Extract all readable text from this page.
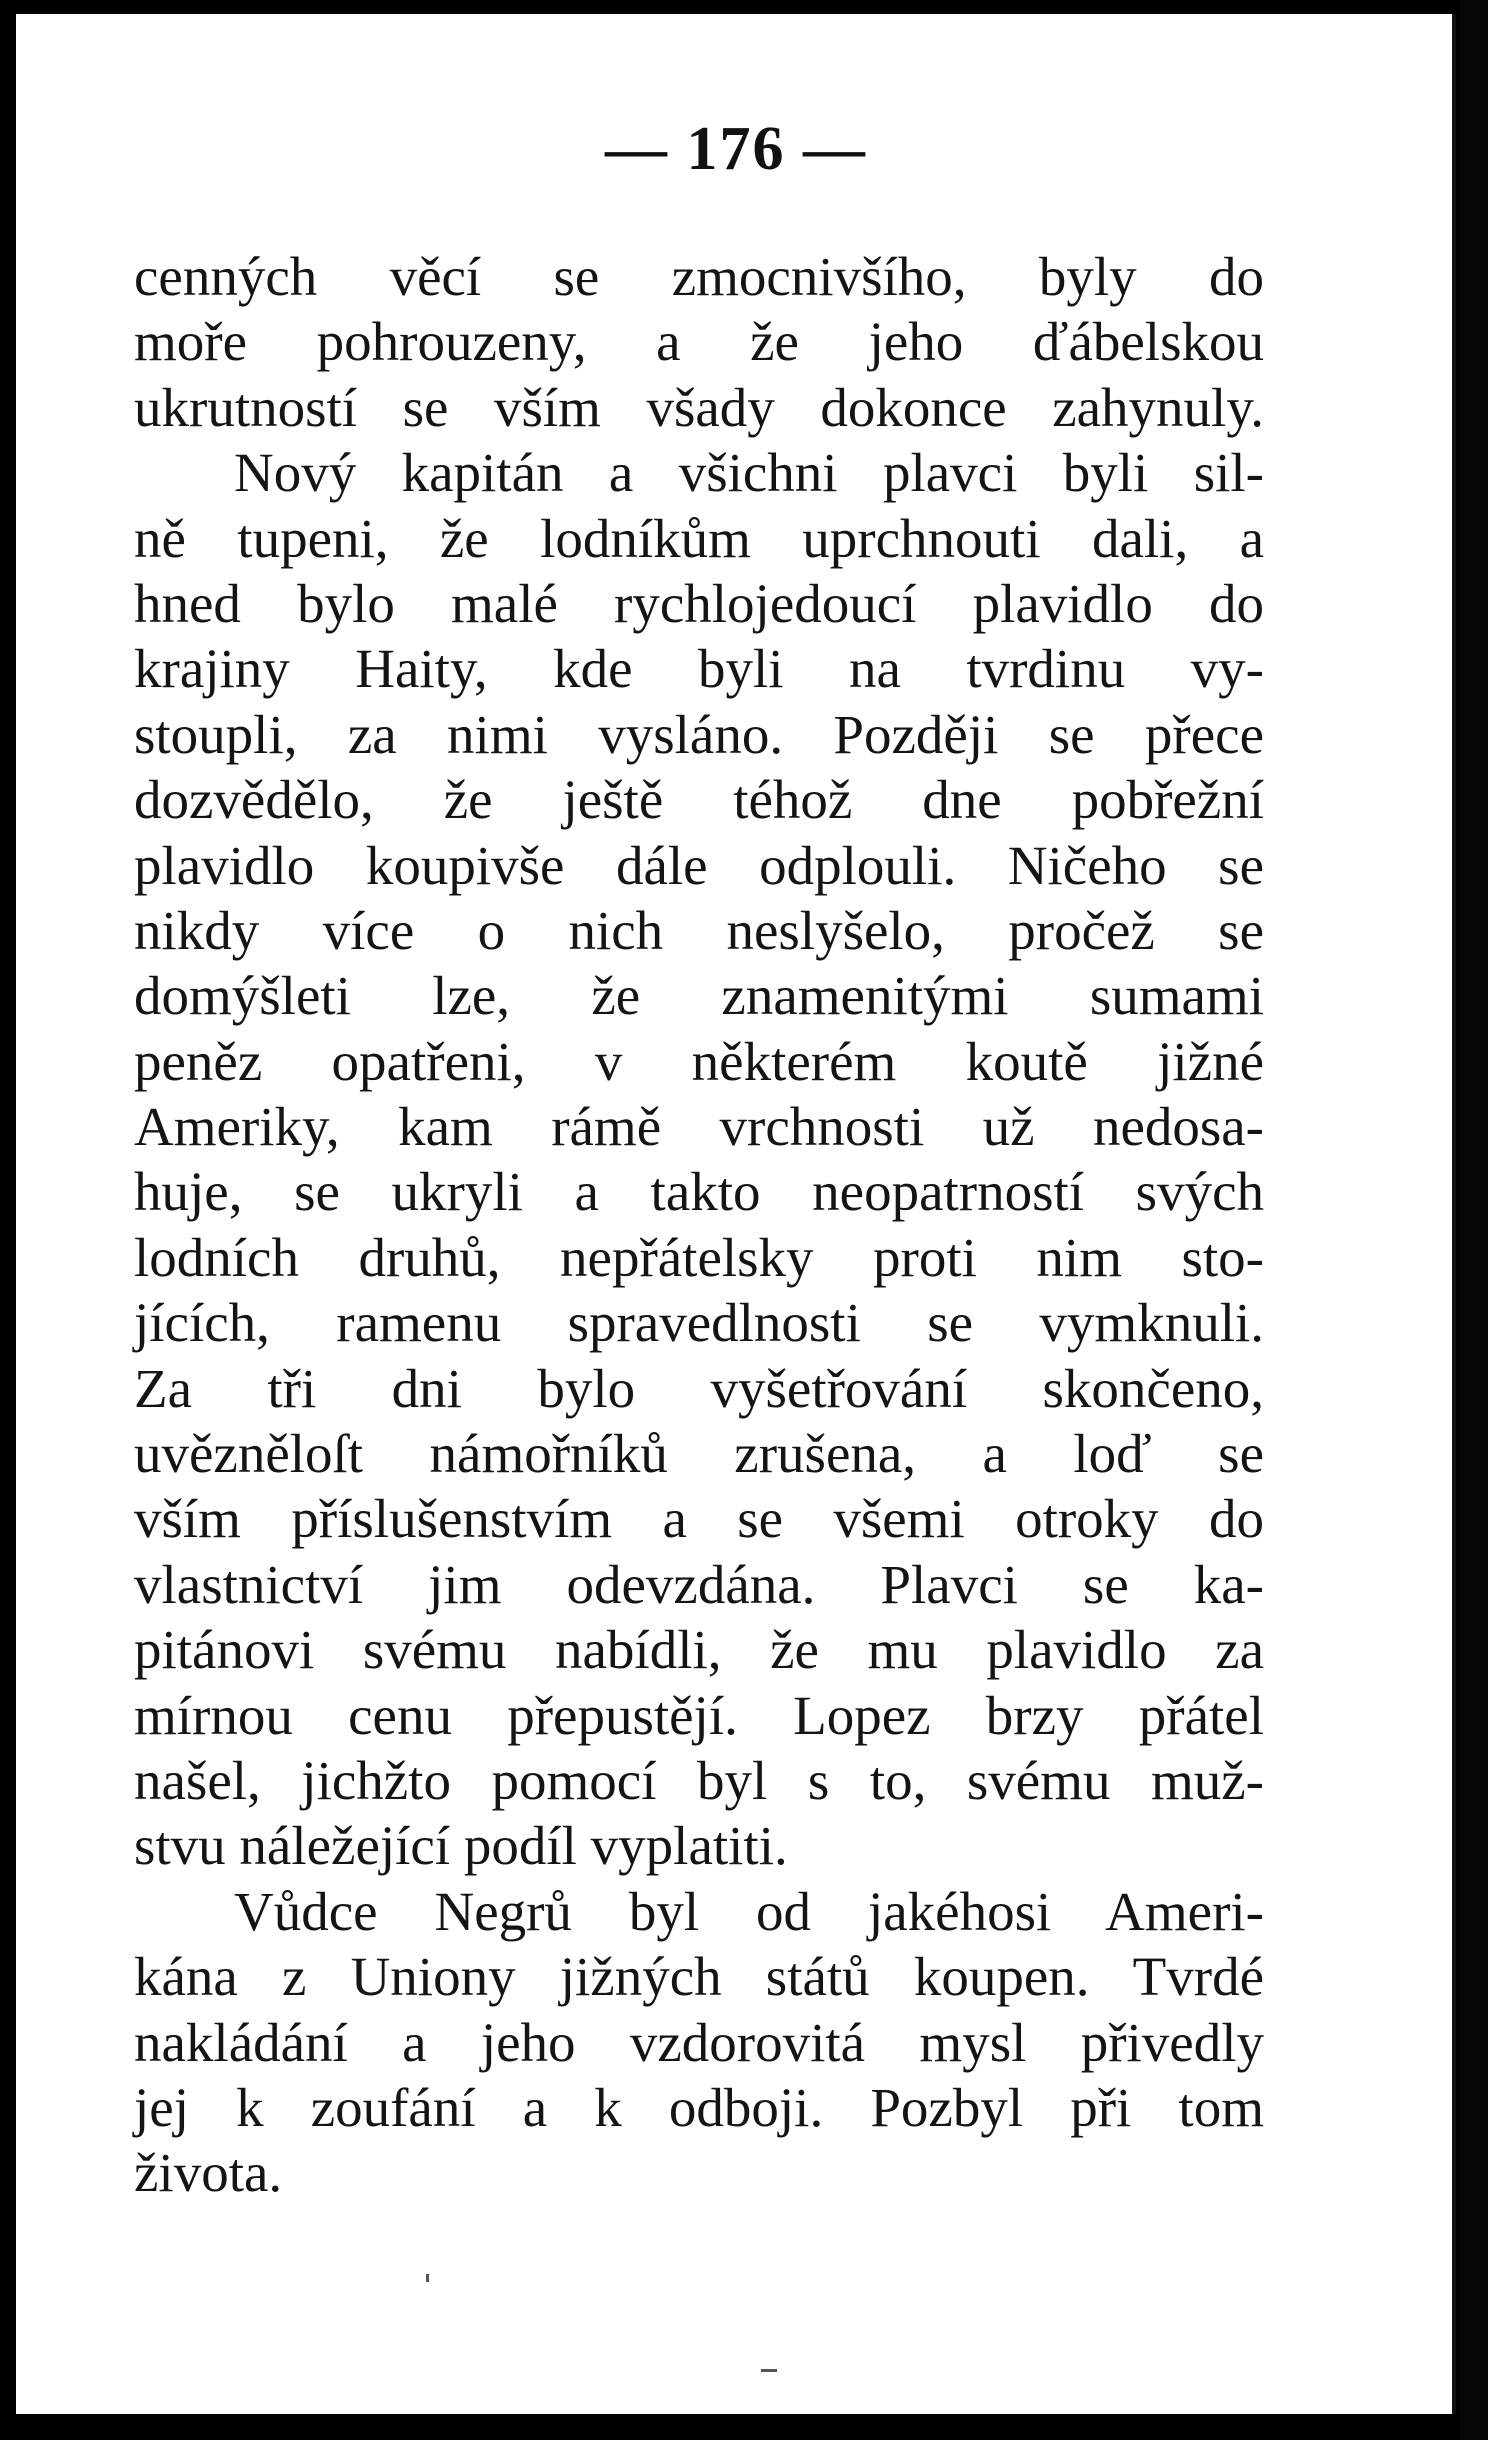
— 176 —
cenných věcí se zmocnivšího, byly do
moře pohrouzeny, a že jeho ďábelskou
ukrutností se vším všady dokonce zahynuly.
Nový kapitán a všichni plavci byli sil-
ně tupeni, že lodníkům uprchnouti dali, a
hned bylo malé rychlojedoucí plavidlo do
krajiny Haity, kde byli na tvrdinu vy-
stoupli, za nimi vysláno. Později se přece
dozvědělo, že ještě téhož dne pobřežní
plavidlo koupivše dále odplouli. Ničeho se
nikdy více o nich neslyšelo, pročež se
domýšleti lze, že znamenitými sumami
peněz opatřeni, v některém koutě jižné
Ameriky, kam rámě vrchnosti už nedosa-
huje, se ukryli a takto neopatrností svých
lodních druhů, nepřátelsky proti nim sto-
jících, ramenu spravedlnosti se vymknuli.
Za tři dni bylo vyšetřování skončeno,
uvězněloſt námořníků zrušena, a loď se
vším příslušenstvím a se všemi otroky do
vlastnictví jim odevzdána. Plavci se ka-
pitánovi svému nabídli, že mu plavidlo za
mírnou cenu přepustějí. Lopez brzy přátel
našel, jichžto pomocí byl s to, svému muž-
stvu náležející podíl vyplatiti.
Vůdce Negrů byl od jakéhosi Ameri-
kána z Uniony jižných států koupen. Tvrdé
nakládání a jeho vzdorovitá mysl přivedly
jej k zoufání a k odboji. Pozbyl při tom
života.
